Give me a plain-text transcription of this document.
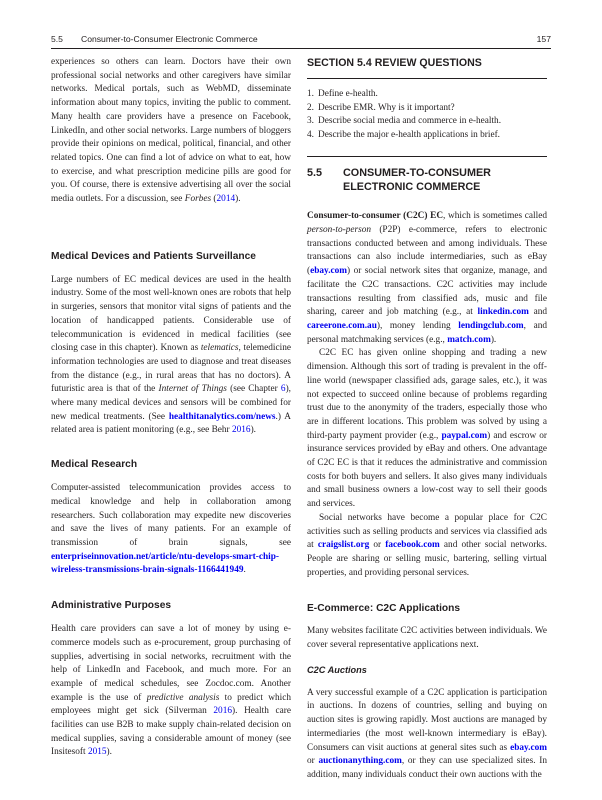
5.5 Consumer-to-Consumer Electronic Commerce	157

experiences so others can learn. Doctors have their own professional social networks and other caregivers have similar networks. Medical portals, such as WebMD, disseminate information about many topics, inviting the public to comment. Many health care providers have a presence on Facebook, LinkedIn, and other social networks. Large numbers of bloggers provide their opinions on medical, political, financial, and other related topics. One can find a lot of advice on what to eat, how to exercise, and what prescription medicine pills are good for you. Of course, there is extensive advertising all over the social media outlets. For a discussion, see Forbes (2014).

Medical Devices and Patients Surveillance

Large numbers of EC medical devices are used in the health industry. Some of the most well-known ones are robots that help in surgeries, sensors that monitor vital signs of patients and the location of handicapped patients. Considerable use of telecommunication is evidenced in medical facilities (see closing case in this chapter). Known as telematics, telemedicine information technologies are used to diagnose and treat diseases from the distance (e.g., in rural areas that has no doctors). A futuristic area is that of the Internet of Things (see Chapter 6), where many medical devices and sensors will be combined for new medical treatments. (See healthitanalytics.com/news.) A related area is patient monitoring (e.g., see Behr 2016).

Medical Research

Computer-assisted telecommunication provides access to medical knowledge and help in collaboration among researchers. Such collaboration may expedite new discoveries and save the lives of many patients. For an example of transmission of brain signals, see enterpriseinnovation.net/article/ntu-develops-smart-chip-wireless-transmissions-brain-signals-1166441949.

Administrative Purposes

Health care providers can save a lot of money by using e-commerce models such as e-procurement, group purchasing of supplies, advertising in social networks, recruitment with the help of LinkedIn and Facebook, and much more. For an example of medical schedules, see Zocdoc.com. Another example is the use of predictive analysis to predict which employees might get sick (Silverman 2016). Health care facilities can use B2B to make supply chain-related decision on medical supplies, saving a considerable amount of money (see Insitesoft 2015).

SECTION 5.4 REVIEW QUESTIONS
1. Define e-health.
2. Describe EMR. Why is it important?
3. Describe social media and commerce in e-health.
4. Describe the major e-health applications in brief.
5.5	CONSUMER-TO-CONSUMER ELECTRONIC COMMERCE

Consumer-to-consumer (C2C) EC, which is sometimes called person-to-person (P2P) e-commerce, refers to electronic transactions conducted between and among individuals. These transactions can also include intermediaries, such as eBay (ebay.com) or social network sites that organize, manage, and facilitate the C2C transactions. C2C activities may include transactions resulting from classified ads, music and file sharing, career and job matching (e.g., at linkedin.com and careerone.com.au), money lending lendingclub.com, and personal matchmaking services (e.g., match.com).

C2C EC has given online shopping and trading a new dimension. Although this sort of trading is prevalent in the off-line world (newspaper classified ads, garage sales, etc.), it was not expected to succeed online because of problems regarding trust due to the anonymity of the traders, especially those who are in different locations. This problem was solved by using a third-party payment provider (e.g., paypal.com) and escrow or insurance services provided by eBay and others. One advantage of C2C EC is that it reduces the administrative and commission costs for both buyers and sellers. It also gives many individuals and small business owners a low-cost way to sell their goods and services.

Social networks have become a popular place for C2C activities such as selling products and services via classified ads at craigslist.org or facebook.com and other social networks. People are sharing or selling music, bartering, selling virtual properties, and providing personal services.

E-Commerce: C2C Applications

Many websites facilitate C2C activities between individuals. We cover several representative applications next.

C2C Auctions

A very successful example of a C2C application is participation in auctions. In dozens of countries, selling and buying on auction sites is growing rapidly. Most auctions are managed by intermediaries (the most well-known intermediary is eBay). Consumers can visit auctions at general sites such as ebay.com or auctionanything.com, or they can use specialized sites. In addition, many individuals conduct their own auctions with the
